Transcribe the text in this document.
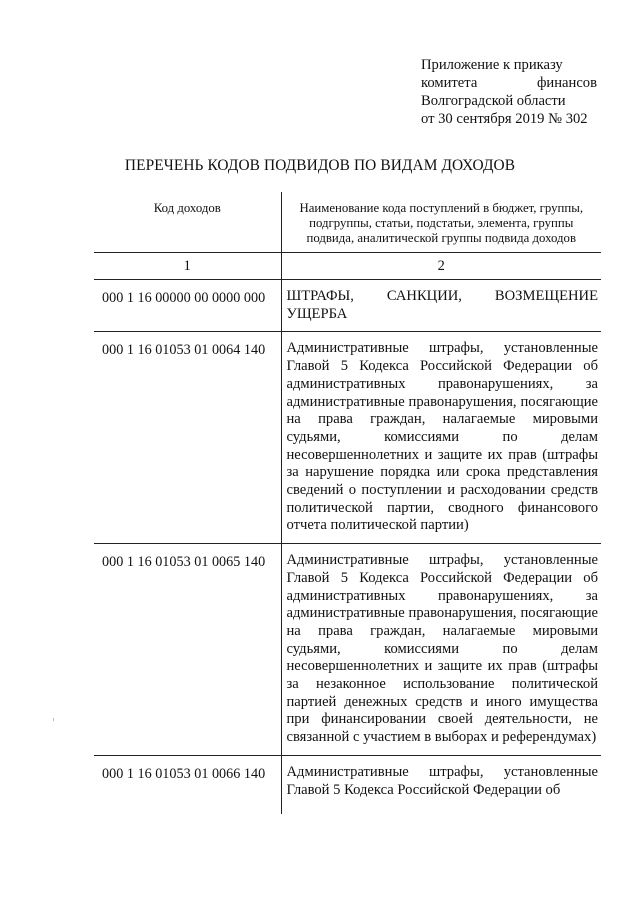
Приложение к приказу
комитета	финансов
Волгоградской области
от 30 сентября 2019 № 302
ПЕРЕЧЕНЬ КОДОВ ПОДВИДОВ ПО ВИДАМ ДОХОДОВ
Код доходов	Наименование кода поступлений в бюджет, группы, подгруппы, статьи, подстатьи, элемента, группы подвида, аналитической группы подвида доходов
1	2
000 1 16 00000 00 0000 000	ШТРАФЫ, САНКЦИИ, ВОЗМЕЩЕНИЕ УЩЕРБА
000 1 16 01053 01 0064 140	Административные штрафы, установленные Главой 5 Кодекса Российской Федерации об административных правонарушениях, за административные правонарушения, посягающие на права граждан, налагаемые мировыми судьями, комиссиями по делам несовершеннолетних и защите их прав (штрафы за нарушение порядка или срока представления сведений о поступлении и расходовании средств политической партии, сводного финансового отчета политической партии)
000 1 16 01053 01 0065 140	Административные штрафы, установленные Главой 5 Кодекса Российской Федерации об административных правонарушениях, за административные правонарушения, посягающие на права граждан, налагаемые мировыми судьями, комиссиями по делам несовершеннолетних и защите их прав (штрафы за незаконное использование политической партией денежных средств и иного имущества при финансировании своей деятельности, не связанной с участием в выборах и референдумах)
000 1 16 01053 01 0066 140	Административные штрафы, установленные Главой 5 Кодекса Российской Федерации об
